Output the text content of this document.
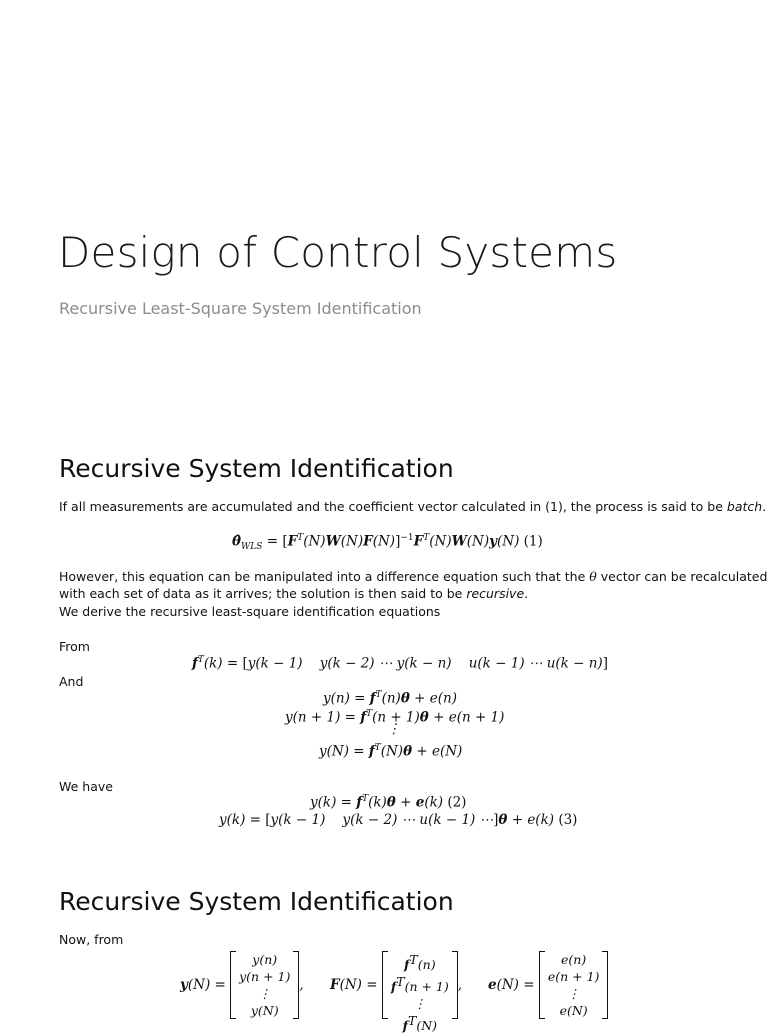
Design of Control Systems
Recursive Least-Square System Identification
Recursive System Identification
If all measurements are accumulated and the coefficient vector calculated in (1), the process is said to be batch.
$\thetâ_{WLS} = [F^T(N)W(N)F(N)]^{-1}F^T(N)W(N)y(N)$ (1)
However, this equation can be manipulated into a difference equation such that the θ vector can be recalculated
with each set of data as it arrives; the solution is then said to be recursive.
We derive the recursive least-square identification equations
From
$f^T(k) = [y(k - 1)$    y(k − 2) ⋯ y(k − n)    u(k − 1) ⋯ u(k − n)]
And
$y(n) = f^T(n)\theta + e(n)$
$y(n + 1) = f^T(n + 1)\theta + e(n + 1)$
⋮
$y(N) = f^T(N)\theta + e(N)$
We have
$y(k) = f^T(k)\theta + e(k)$ (2)
y(k) = [y(k − 1)    y(k − 2) ⋯ u(k − 1) ⋯]θ + e(k) (3)
Recursive System Identification
Now, from
y(N) =
y(n)
y(n + 1)
⋮
y(N)
, F(N) =
fT(n)
fT(n + 1)
⋮
fT(N)
, e(N) =
e(n)
e(n + 1)
⋮
e(N)
